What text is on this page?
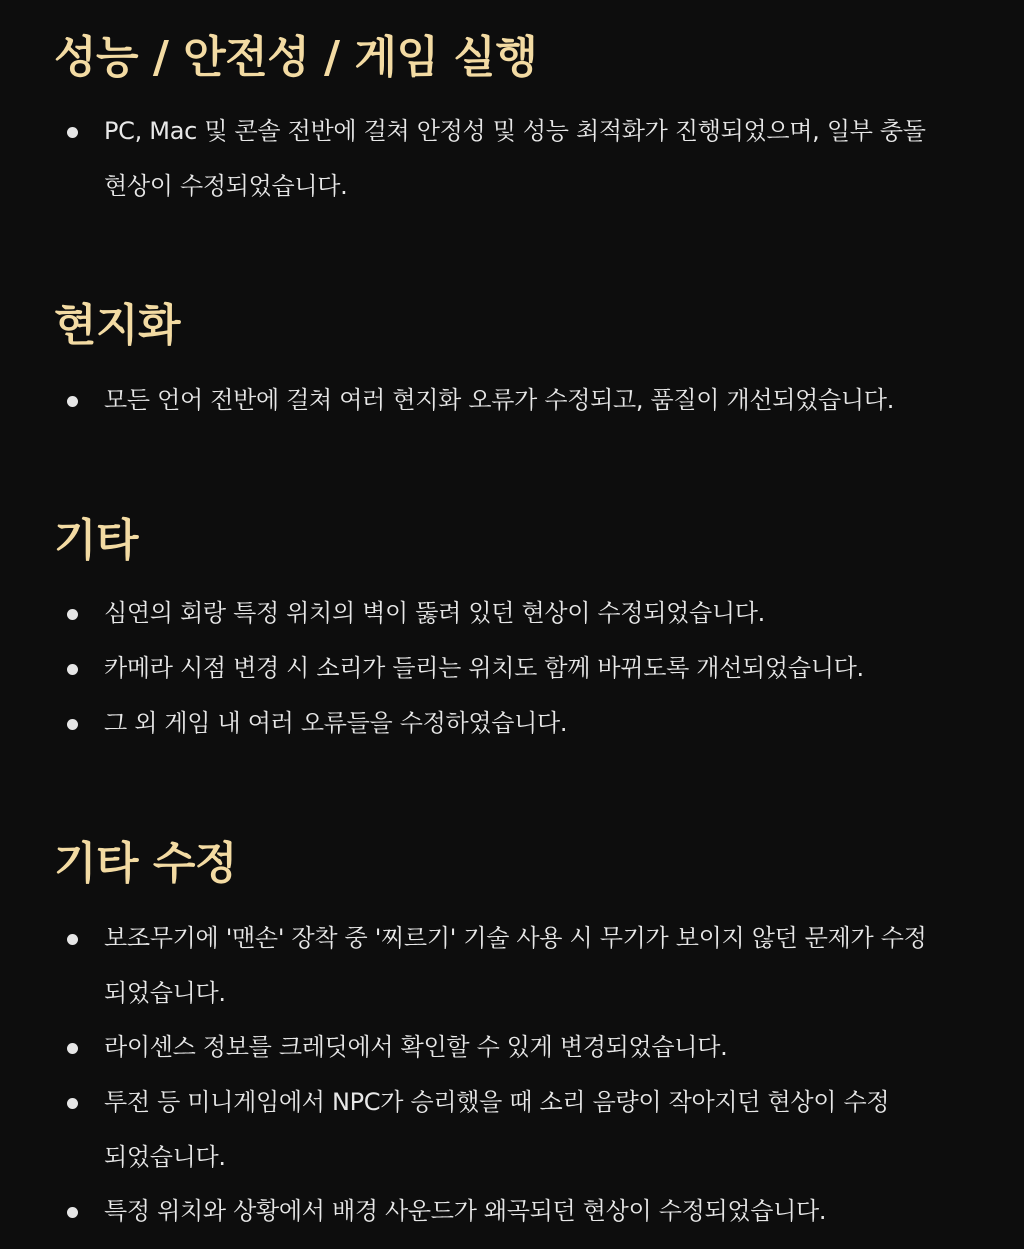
성능 / 안전성 / 게임 실행
PC, Mac 및 콘솔 전반에 걸쳐 안정성 및 성능 최적화가 진행되었으며, 일부 충돌 현상이 수정되었습니다.
현지화
모든 언어 전반에 걸쳐 여러 현지화 오류가 수정되고, 품질이 개선되었습니다.
기타
심연의 회랑 특정 위치의 벽이 뚫려 있던 현상이 수정되었습니다.
카메라 시점 변경 시 소리가 들리는 위치도 함께 바뀌도록 개선되었습니다.
그 외 게임 내 여러 오류들을 수정하였습니다.
기타 수정
보조무기에 '맨손' 장착 중 '찌르기' 기술 사용 시 무기가 보이지 않던 문제가 수정되었습니다.
라이센스 정보를 크레딧에서 확인할 수 있게 변경되었습니다.
투전 등 미니게임에서 NPC가 승리했을 때 소리 음량이 작아지던 현상이 수정되었습니다.
특정 위치와 상황에서 배경 사운드가 왜곡되던 현상이 수정되었습니다.
